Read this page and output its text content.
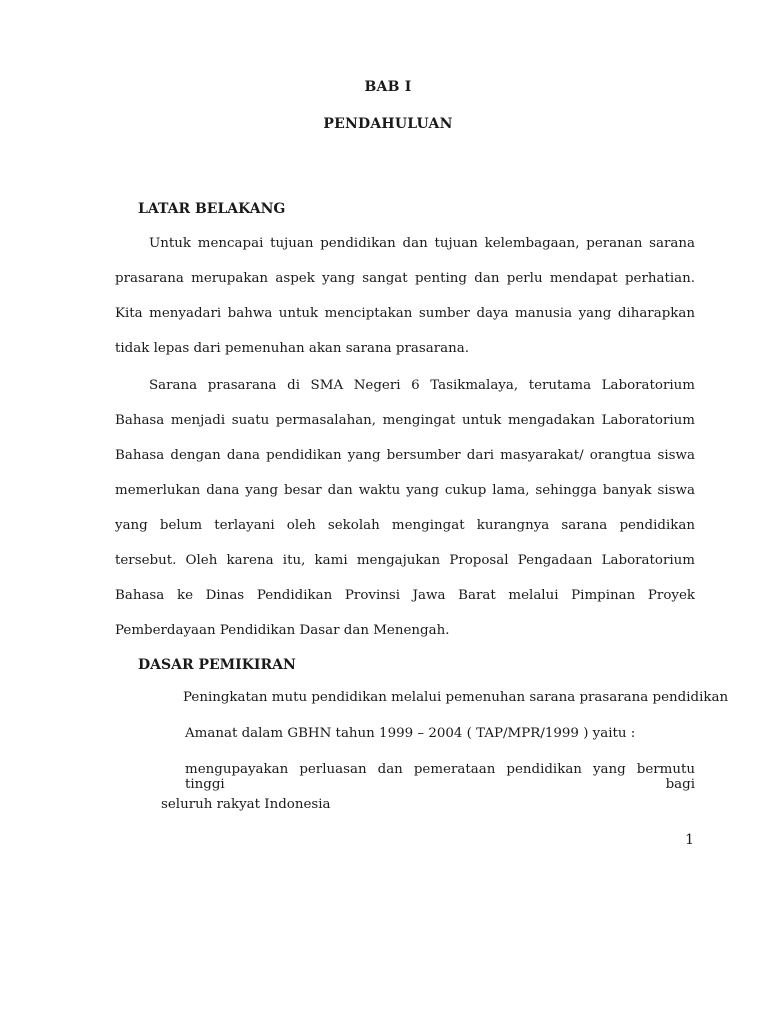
BAB I
PENDAHULUAN
LATAR BELAKANG

Untuk mencapai tujuan pendidikan dan tujuan kelembagaan, peranan sarana prasarana merupakan aspek yang sangat penting dan perlu mendapat perhatian. Kita menyadari bahwa untuk menciptakan sumber daya manusia yang diharapkan tidak lepas dari pemenuhan akan sarana prasarana.

Sarana prasarana di SMA Negeri 6 Tasikmalaya, terutama Laboratorium Bahasa menjadi suatu permasalahan, mengingat untuk mengadakan Laboratorium Bahasa dengan dana pendidikan yang bersumber dari masyarakat/ orangtua siswa memerlukan dana yang besar dan waktu yang cukup lama, sehingga banyak siswa yang belum terlayani oleh sekolah mengingat kurangnya sarana pendidikan tersebut. Oleh karena itu, kami mengajukan Proposal Pengadaan Laboratorium Bahasa ke Dinas Pendidikan Provinsi Jawa Barat melalui Pimpinan Proyek Pemberdayaan Pendidikan Dasar dan Menengah.

DASAR PEMIKIRAN

Peningkatan mutu pendidikan melalui pemenuhan sarana prasarana pendidikan

Amanat dalam GBHN tahun 1999 – 2004 ( TAP/MPR/1999 ) yaitu :

mengupayakan perluasan dan pemerataan pendidikan yang bermutu tinggi bagi

seluruh rakyat Indonesia

1
